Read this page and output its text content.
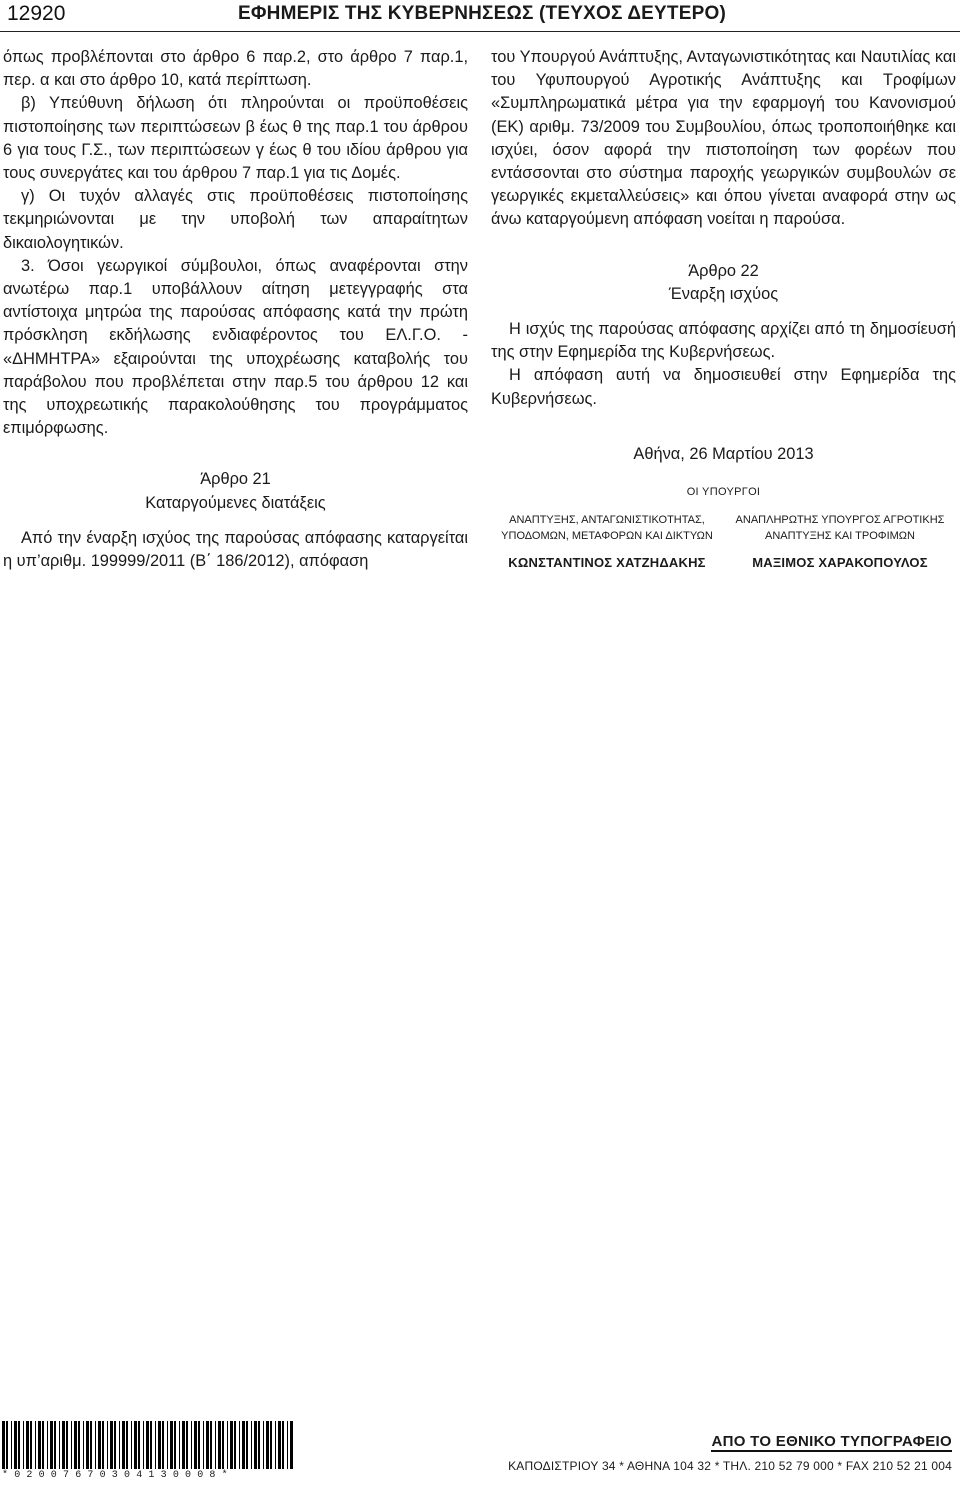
12920	ΕΦΗΜΕΡΙΣ ΤΗΣ ΚΥΒΕΡΝΗΣΕΩΣ (ΤΕΥΧΟΣ ΔΕΥΤΕΡΟ)

όπως προβλέπονται στο άρθρο 6 παρ.2, στο άρθρο 7 παρ.1, περ. α και στο άρθρο 10, κατά περίπτωση.

β) Υπεύθυνη δήλωση ότι πληρούνται οι προϋποθέσεις πιστοποίησης των περιπτώσεων β έως θ της παρ.1 του άρθρου 6 για τους Γ.Σ., των περιπτώσεων γ έως θ του ιδίου άρθρου για τους συνεργάτες και του άρθρου 7 παρ.1 για τις Δομές.

γ) Οι τυχόν αλλαγές στις προϋποθέσεις πιστοποίησης τεκμηριώνονται με την υποβολή των απαραίτητων δικαιολογητικών.

3. Όσοι γεωργικοί σύμβουλοι, όπως αναφέρονται στην ανωτέρω παρ.1 υποβάλλουν αίτηση μετεγγραφής στα αντίστοιχα μητρώα της παρούσας απόφασης κατά την πρώτη πρόσκληση εκδήλωσης ενδιαφέροντος του ΕΛ.Γ.Ο. - «ΔΗΜΗΤΡΑ» εξαιρούνται της υποχρέωσης καταβολής του παράβολου που προβλέπεται στην παρ.5 του άρθρου 12 και της υποχρεωτικής παρακολούθησης του προγράμματος επιμόρφωσης.

Άρθρο 21

Καταργούμενες διατάξεις

Από την έναρξη ισχύος της παρούσας απόφασης καταργείται η υπ’αριθμ. 199999/2011 (Β΄ 186/2012), απόφαση

του Υπουργού Ανάπτυξης, Ανταγωνιστικότητας και Ναυτιλίας και του Υφυπουργού Αγροτικής Ανάπτυξης και Τροφίμων «Συμπληρωματικά μέτρα για την εφαρμογή του Κανονισμού (ΕΚ) αριθμ. 73/2009 του Συμβουλίου, όπως τροποποιήθηκε και ισχύει, όσον αφορά την πιστοποίηση των φορέων που εντάσσονται στο σύστημα παροχής γεωργικών συμβουλών σε γεωργικές εκμεταλλεύσεις» και όπου γίνεται αναφορά στην ως άνω καταργούμενη απόφαση νοείται η παρούσα.

Άρθρο 22

Έναρξη ισχύος

Η ισχύς της παρούσας απόφασης αρχίζει από τη δημοσίευσή της στην Εφημερίδα της Κυβερνήσεως.

Η απόφαση αυτή να δημοσιευθεί στην Εφημερίδα της Κυβερνήσεως.

Αθήνα, 26 Μαρτίου 2013

ΟΙ ΥΠΟΥΡΓΟΙ
ΑΝΑΠΤΥΞΗΣ, ΑΝΤΑΓΩΝΙΣΤΙΚΟΤΗΤΑΣ,
ΥΠΟΔΟΜΩΝ, ΜΕΤΑΦΟΡΩΝ ΚΑΙ ΔΙΚΤΥΩΝ
ΚΩΝΣΤΑΝΤΙΝΟΣ ΧΑΤΖΗΔΑΚΗΣ
ΑΝΑΠΛΗΡΩΤΗΣ ΥΠΟΥΡΓΟΣ ΑΓΡΟΤΙΚΗΣ
ΑΝΑΠΤΥΞΗΣ ΚΑΙ ΤΡΟΦΙΜΩΝ
ΜΑΞΙΜΟΣ ΧΑΡΑΚΟΠΟΥΛΟΣ
*02007670304130008*
ΑΠΟ ΤΟ ΕΘΝΙΚΟ ΤΥΠΟΓΡΑΦΕΙΟ
ΚΑΠΟΔΙΣΤΡΙΟΥ 34 * ΑΘΗΝΑ 104 32 * ΤΗΛ. 210 52 79 000 * FAX 210 52 21 004
